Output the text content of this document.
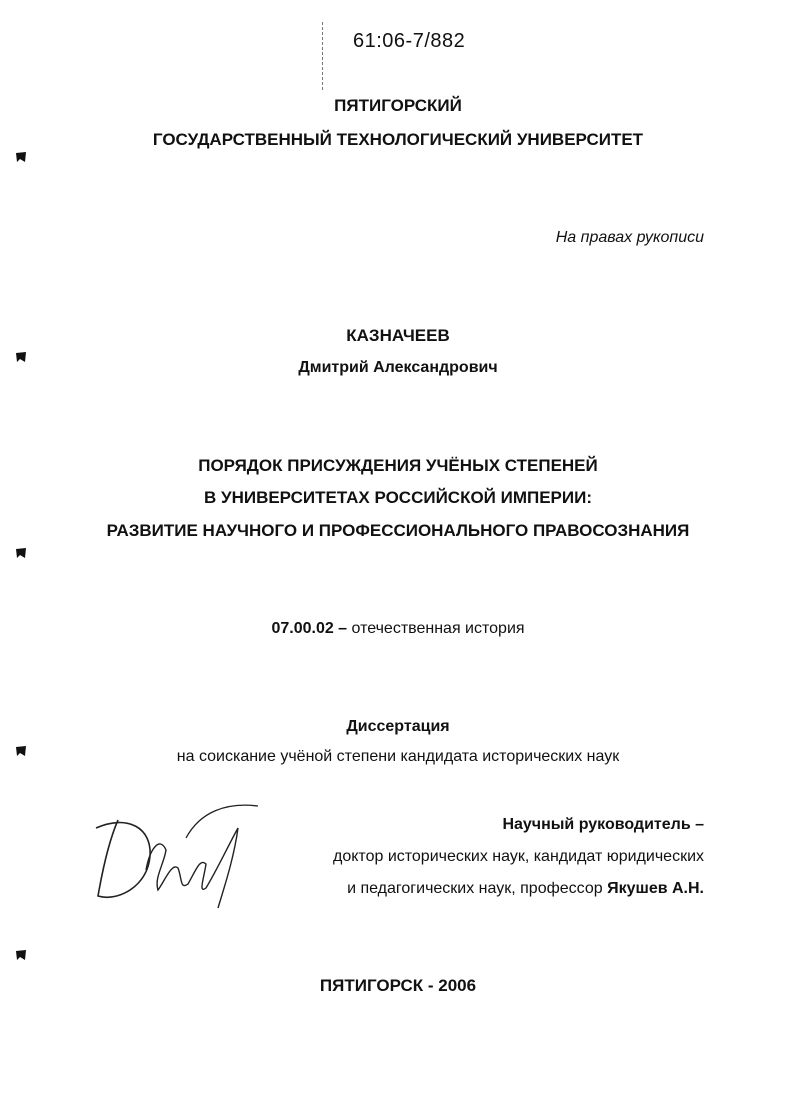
61:06-7/882
ПЯТИГОРСКИЙ
ГОСУДАРСТВЕННЫЙ ТЕХНОЛОГИЧЕСКИЙ УНИВЕРСИТЕТ
На правах рукописи
КАЗНАЧЕЕВ
Дмитрий Александрович
ПОРЯДОК ПРИСУЖДЕНИЯ УЧЁНЫХ СТЕПЕНЕЙ
В УНИВЕРСИТЕТАХ РОССИЙСКОЙ ИМПЕРИИ:
РАЗВИТИЕ НАУЧНОГО И ПРОФЕССИОНАЛЬНОГО ПРАВОСОЗНАНИЯ
07.00.02 – отечественная история
Диссертация
на соискание учёной степени кандидата исторических наук
Научный руководитель –
доктор исторических наук, кандидат юридических
и педагогических наук, профессор Якушев А.Н.
ПЯТИГОРСК - 2006
